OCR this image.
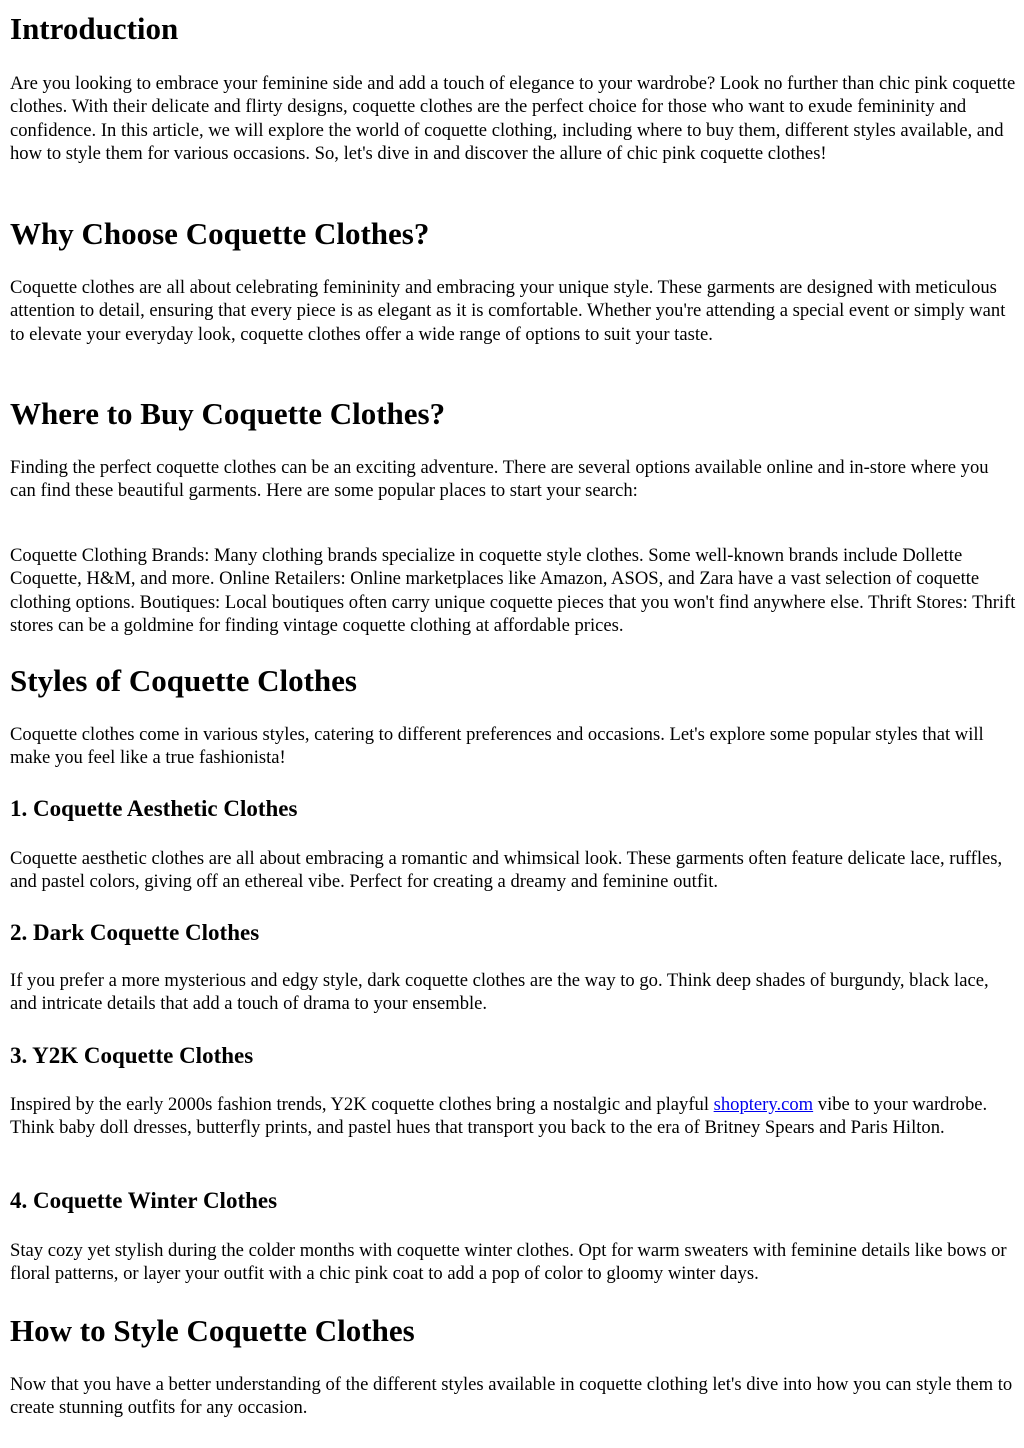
Introduction

Are you looking to embrace your feminine side and add a touch of elegance to your wardrobe? Look no further than chic pink coquette clothes. With their delicate and flirty designs, coquette clothes are the perfect choice for those who want to exude femininity and confidence. In this article, we will explore the world of coquette clothing, including where to buy them, different styles available, and how to style them for various occasions. So, let's dive in and discover the allure of chic pink coquette clothes!

Why Choose Coquette Clothes?

Coquette clothes are all about celebrating femininity and embracing your unique style. These garments are designed with meticulous attention to detail, ensuring that every piece is as elegant as it is comfortable. Whether you're attending a special event or simply want to elevate your everyday look, coquette clothes offer a wide range of options to suit your taste.

Where to Buy Coquette Clothes?

Finding the perfect coquette clothes can be an exciting adventure. There are several options available online and in-store where you can find these beautiful garments. Here are some popular places to start your search:

Coquette Clothing Brands: Many clothing brands specialize in coquette style clothes. Some well-known brands include Dollette Coquette, H&M, and more. Online Retailers: Online marketplaces like Amazon, ASOS, and Zara have a vast selection of coquette clothing options. Boutiques: Local boutiques often carry unique coquette pieces that you won't find anywhere else. Thrift Stores: Thrift stores can be a goldmine for finding vintage coquette clothing at affordable prices.

Styles of Coquette Clothes

Coquette clothes come in various styles, catering to different preferences and occasions. Let's explore some popular styles that will make you feel like a true fashionista!

1. Coquette Aesthetic Clothes

Coquette aesthetic clothes are all about embracing a romantic and whimsical look. These garments often feature delicate lace, ruffles, and pastel colors, giving off an ethereal vibe. Perfect for creating a dreamy and feminine outfit.

2. Dark Coquette Clothes

If you prefer a more mysterious and edgy style, dark coquette clothes are the way to go. Think deep shades of burgundy, black lace, and intricate details that add a touch of drama to your ensemble.

3. Y2K Coquette Clothes

Inspired by the early 2000s fashion trends, Y2K coquette clothes bring a nostalgic and playful shoptery.com vibe to your wardrobe. Think baby doll dresses, butterfly prints, and pastel hues that transport you back to the era of Britney Spears and Paris Hilton.

4. Coquette Winter Clothes

Stay cozy yet stylish during the colder months with coquette winter clothes. Opt for warm sweaters with feminine details like bows or floral patterns, or layer your outfit with a chic pink coat to add a pop of color to gloomy winter days.

How to Style Coquette Clothes

Now that you have a better understanding of the different styles available in coquette clothing let's dive into how you can style them to create stunning outfits for any occasion.
